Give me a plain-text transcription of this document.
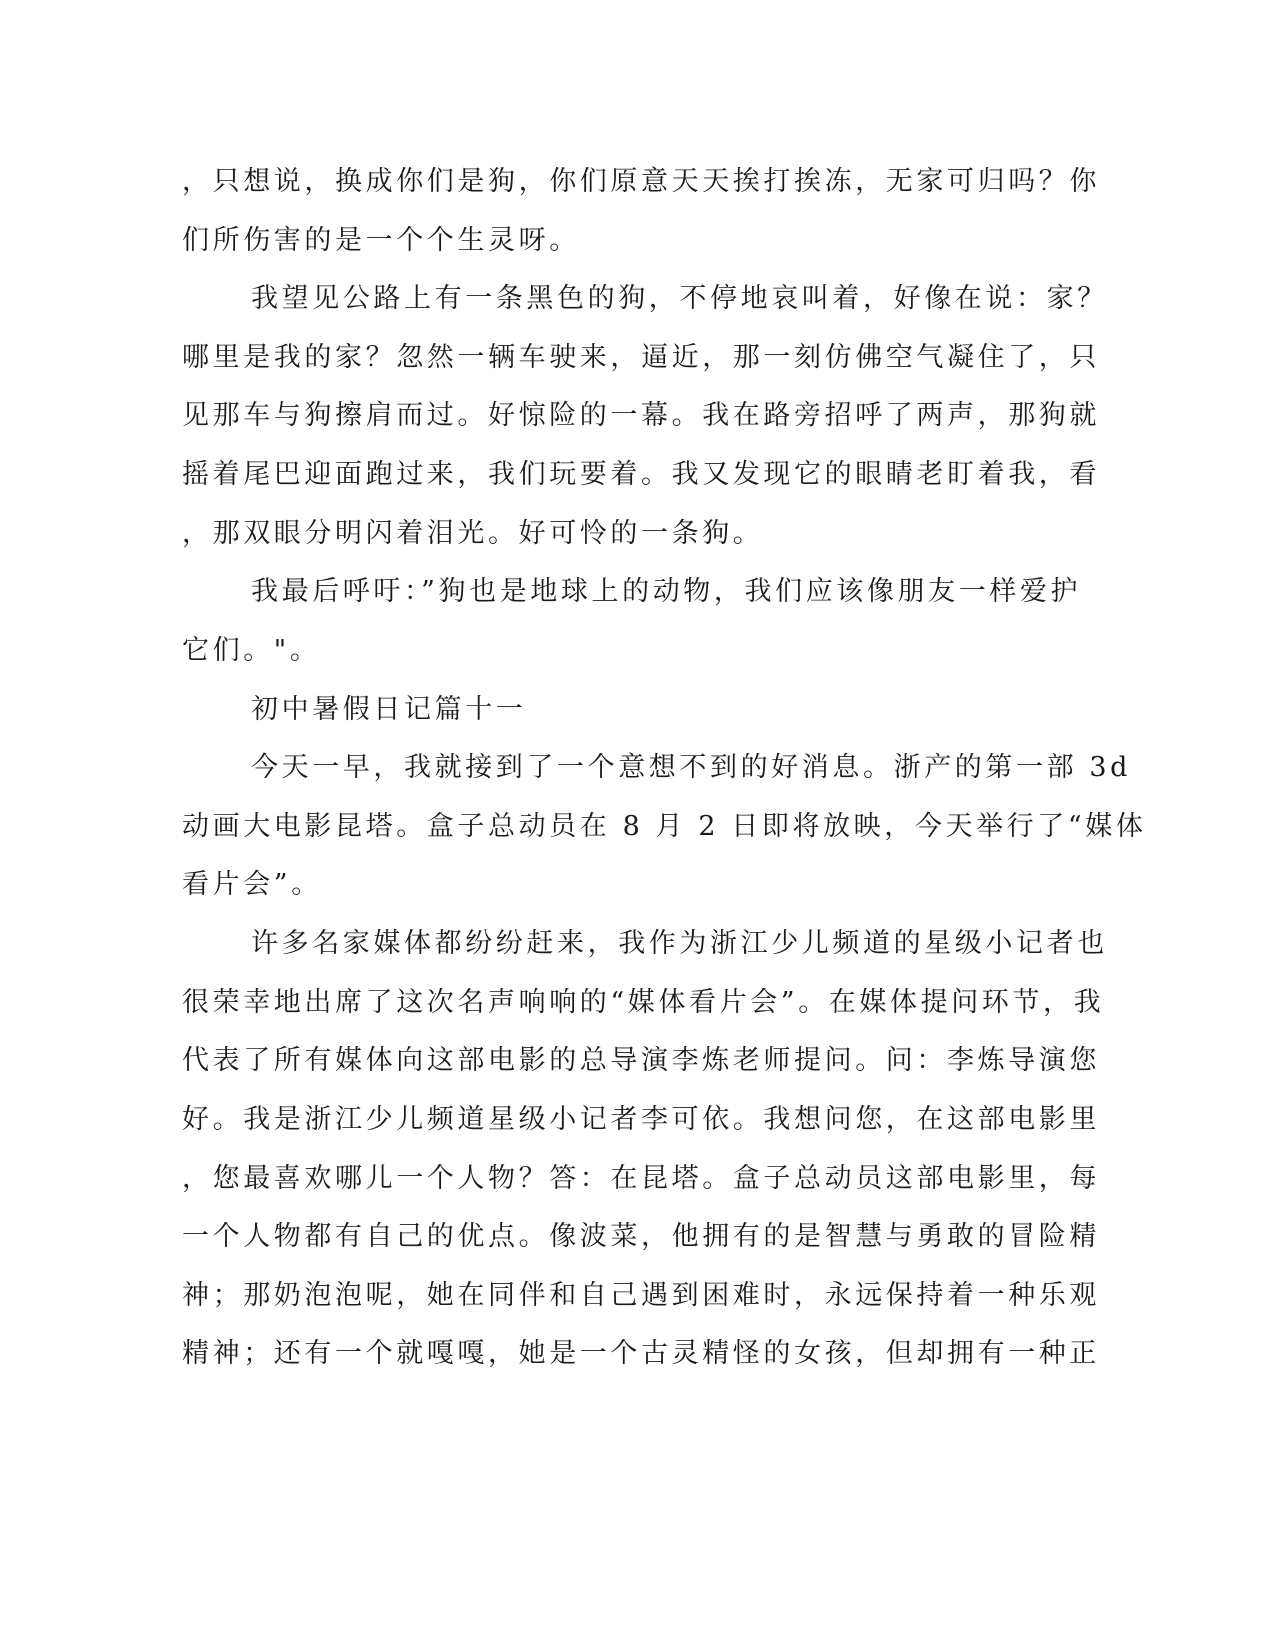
，只想说，换成你们是狗，你们原意天天挨打挨冻，无家可归吗？你
们所伤害的是一个个生灵呀。
我望见公路上有一条黑色的狗，不停地哀叫着，好像在说：家？
哪里是我的家？忽然一辆车驶来，逼近，那一刻仿佛空气凝住了，只
见那车与狗擦肩而过。好惊险的一幕。我在路旁招呼了两声，那狗就
摇着尾巴迎面跑过来，我们玩要着。我又发现它的眼睛老盯着我，看
，那双眼分明闪着泪光。好可怜的一条狗。
我最后呼吁：”狗也是地球上的动物，我们应该像朋友一样爱护
它们。"。
初中暑假日记篇十一
今天一早，我就接到了一个意想不到的好消息。浙产的第一部 3d
动画大电影昆塔。盒子总动员在 8 月 2 日即将放映，今天举行了“媒体
看片会”。
许多名家媒体都纷纷赶来，我作为浙江少儿频道的星级小记者也
很荣幸地出席了这次名声响响的“媒体看片会”。在媒体提问环节，我
代表了所有媒体向这部电影的总导演李炼老师提问。问：李炼导演您
好。我是浙江少儿频道星级小记者李可依。我想问您，在这部电影里
，您最喜欢哪儿一个人物？答：在昆塔。盒子总动员这部电影里，每
一个人物都有自己的优点。像波菜，他拥有的是智慧与勇敢的冒险精
神；那奶泡泡呢，她在同伴和自己遇到困难时，永远保持着一种乐观
精神；还有一个就嘎嘎，她是一个古灵精怪的女孩，但却拥有一种正
